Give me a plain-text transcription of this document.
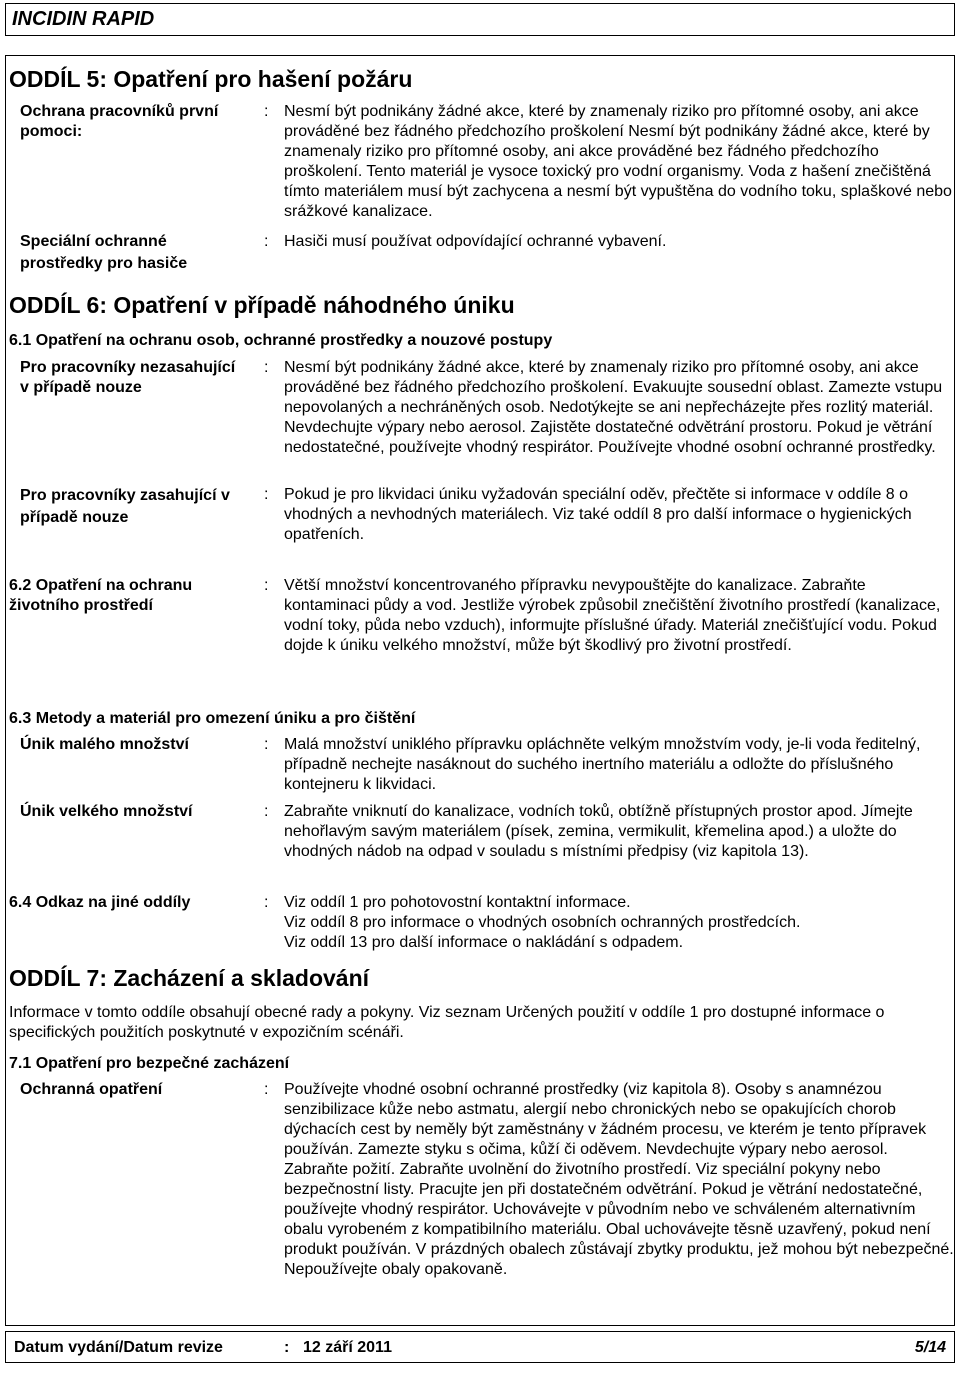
INCIDIN RAPID
ODDÍL 5: Opatření pro hašení požáru
Ochrana pracovníků první pomoci:
: Nesmí být podnikány žádné akce, které by znamenaly riziko pro přítomné osoby, ani akce prováděné bez řádného předchozího proškolení Nesmí být podnikány žádné akce, které by znamenaly riziko pro přítomné osoby, ani akce prováděné bez řádného předchozího proškolení. Tento materiál je vysoce toxický pro vodní organismy. Voda z hašení znečištěná tímto materiálem musí být zachycena a nesmí být vypuštěna do vodního toku, splaškové nebo srážkové kanalizace.
Speciální ochranné prostředky pro hasiče
: Hasiči musí používat odpovídající ochranné vybavení.
ODDÍL 6: Opatření v případě náhodného úniku
6.1 Opatření na ochranu osob, ochranné prostředky a nouzové postupy
Pro pracovníky nezasahující v případě nouze
: Nesmí být podnikány žádné akce, které by znamenaly riziko pro přítomné osoby, ani akce prováděné bez řádného předchozího proškolení. Evakuujte sousední oblast. Zamezte vstupu nepovolaných a nechráněných osob. Nedotýkejte se ani nepřecházejte přes rozlitý materiál. Nevdechujte výpary nebo aerosol. Zajistěte dostatečné odvětrání prostoru. Pokud je větrání nedostatečné, používejte vhodný respirátor. Používejte vhodné osobní ochranné prostředky.
Pro pracovníky zasahující v případě nouze
: Pokud je pro likvidaci úniku vyžadován speciální oděv, přečtěte si informace v oddíle 8 o vhodných a nevhodných materiálech. Viz také oddíl 8 pro další informace o hygienických opatřeních.
6.2 Opatření na ochranu životního prostředí
: Větší množství koncentrovaného přípravku nevypouštějte do kanalizace. Zabraňte kontaminaci půdy a vod. Jestliže výrobek způsobil znečištění životního prostředí (kanalizace, vodní toky, půda nebo vzduch), informujte příslušné úřady. Materiál znečišťující vodu. Pokud dojde k úniku velkého množství, může být škodlivý pro životní prostředí.
6.3 Metody a materiál pro omezení úniku a pro čištění
Únik malého množství	: Malá množství uniklého přípravku opláchněte velkým množstvím vody, je-li voda ředitelný, případně nechejte nasáknout do suchého inertního materiálu a odložte do příslušného kontejneru k likvidaci.
Únik velkého množství	: Zabraňte vniknutí do kanalizace, vodních toků, obtížně přístupných prostor apod. Jímejte nehořlavým savým materiálem (písek, zemina, vermikulit, křemelina apod.) a uložte do vhodných nádob na odpad v souladu s místními předpisy (viz kapitola 13).
6.4 Odkaz na jiné oddíly	: Viz oddíl 1 pro pohotovostní kontaktní informace.

Viz oddíl 8 pro informace o vhodných osobních ochranných prostředcích.

Viz oddíl 13 pro další informace o nakládání s odpadem.

ODDÍL 7: Zacházení a skladování
Informace v tomto oddíle obsahují obecné rady a pokyny. Viz seznam Určených použití v oddíle 1 pro dostupné informace o specifických použitích poskytnuté v expozičním scénáři.
7.1 Opatření pro bezpečné zacházení
Ochranná opatření	: Používejte vhodné osobní ochranné prostředky (viz kapitola 8). Osoby s anamnézou senzibilizace kůže nebo astmatu, alergií nebo chronických nebo se opakujících chorob dýchacích cest by neměly být zaměstnány v žádném procesu, ve kterém je tento přípravek používán. Zamezte styku s očima, kůží či oděvem. Nevdechujte výpary nebo aerosol. Zabraňte požití. Zabraňte uvolnění do životního prostředí. Viz speciální pokyny nebo bezpečnostní listy. Pracujte jen při dostatečném odvětrání. Pokud je větrání nedostatečné, používejte vhodný respirátor. Uchovávejte v původním nebo ve schváleném alternativním obalu vyrobeném z kompatibilního materiálu. Obal uchovávejte těsně uzavřený, pokud není produkt používán. V prázdných obalech zůstávají zbytky produktu, jež mohou být nebezpečné. Nepoužívejte obaly opakovaně.
Datum vydání/Datum revize	: 12 září 2011	5/14
